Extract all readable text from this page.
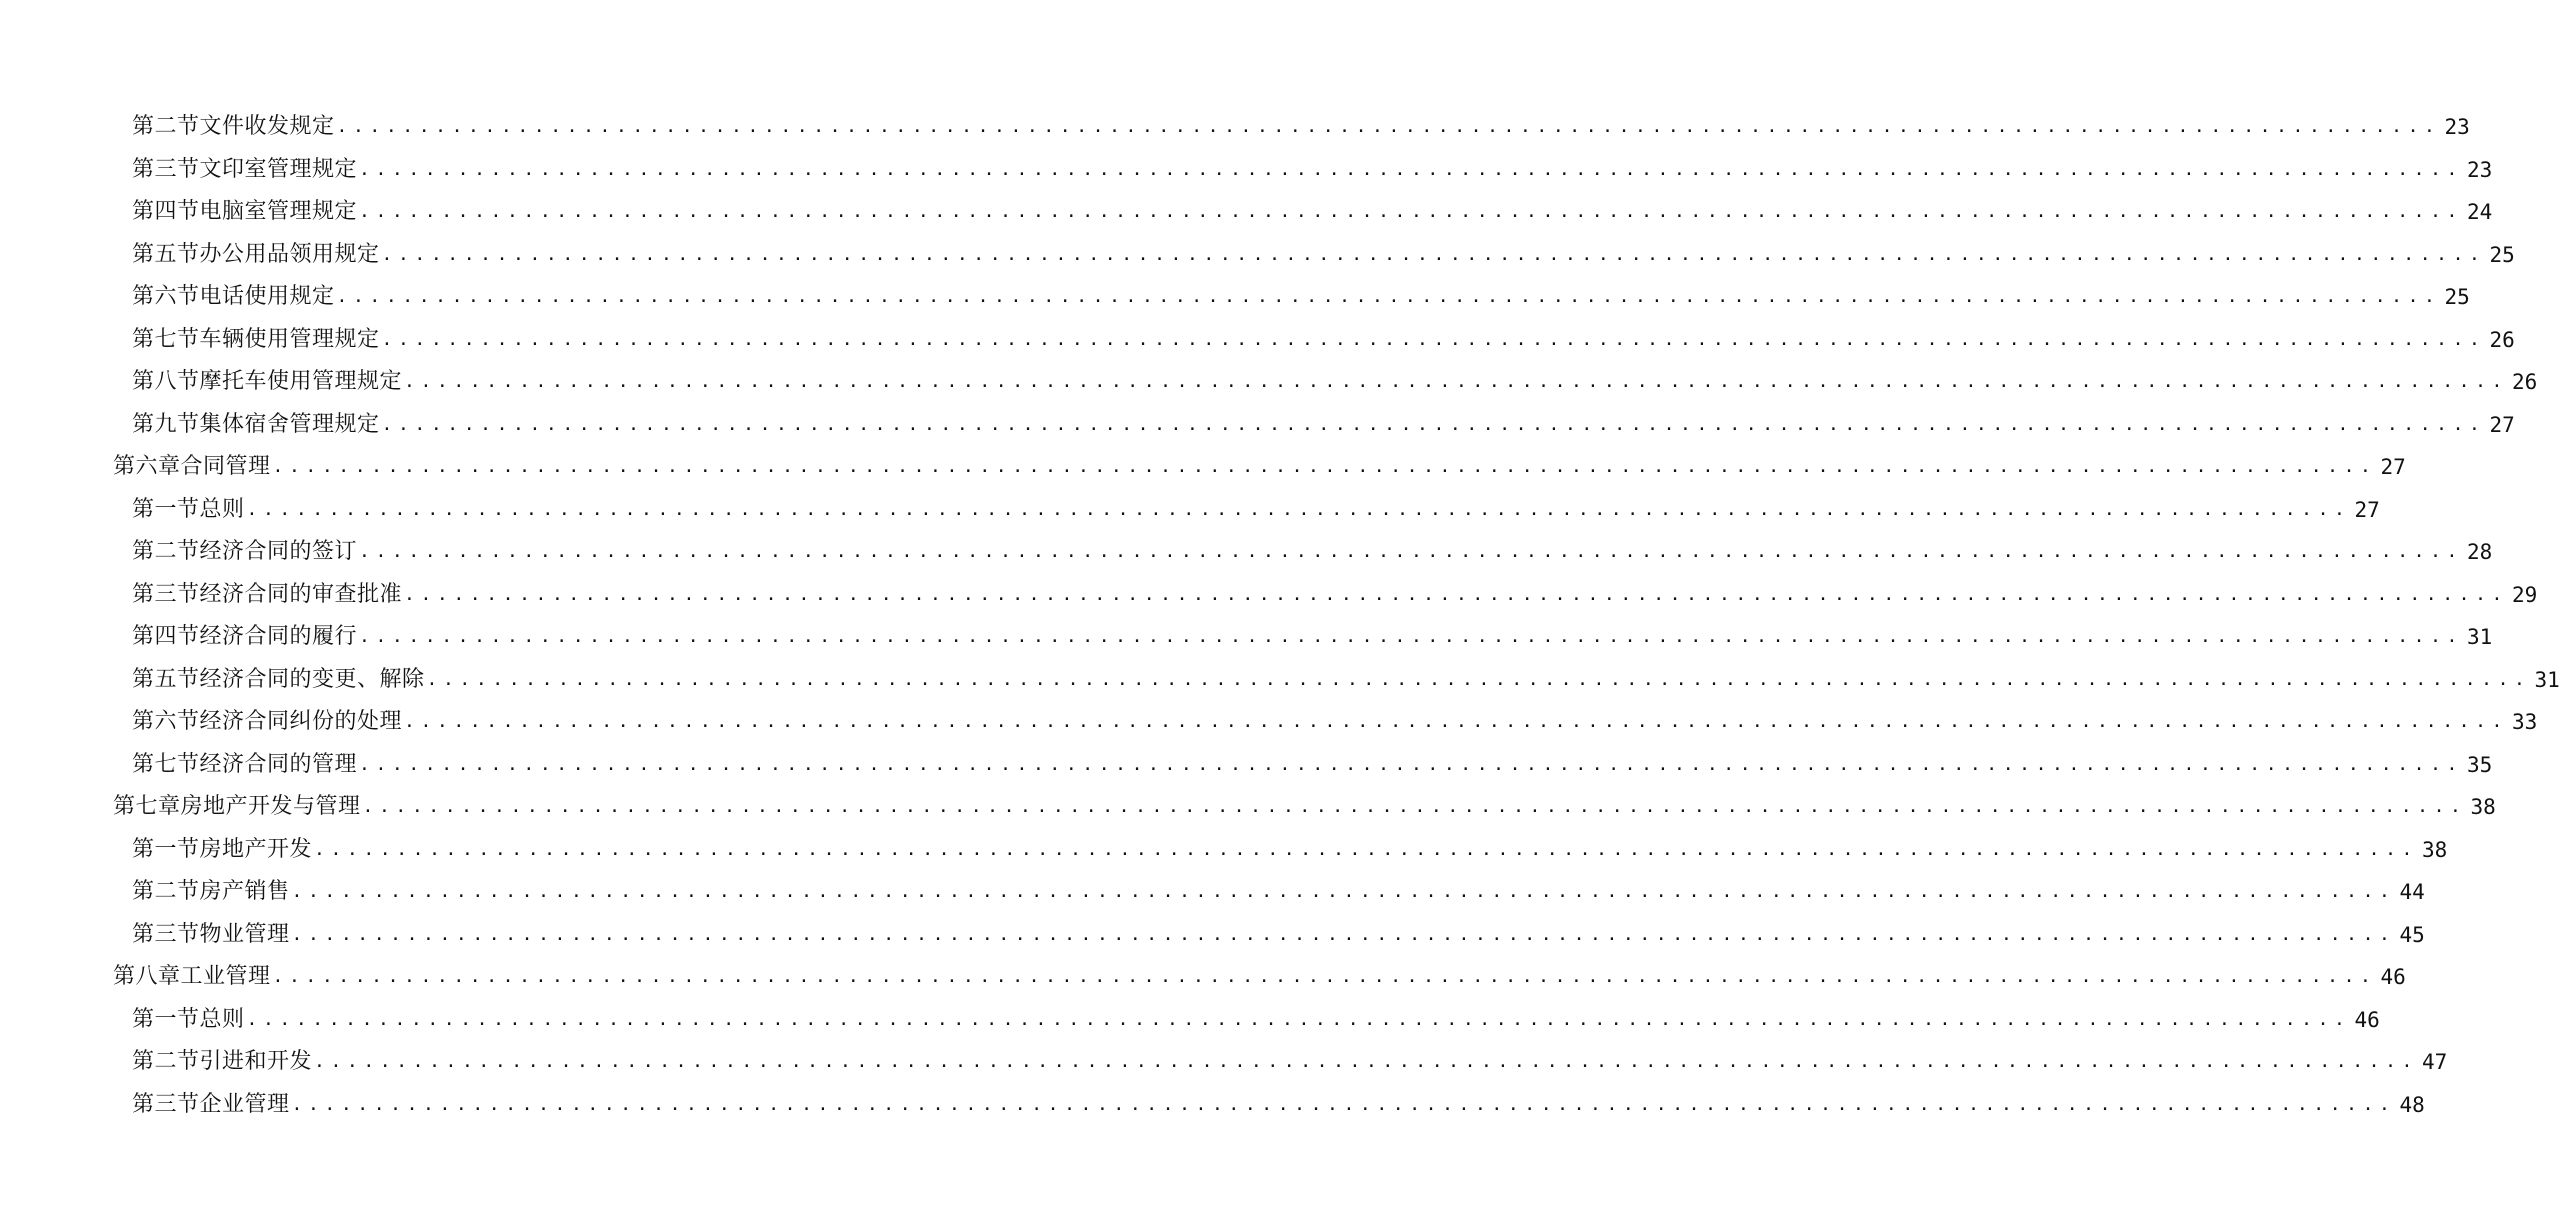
第二节 文件收发规定 ................................................................................................................................ 23
第三节 文印室管理规定 ................................................................................................................................ 23
第四节 电脑室管理规定 ................................................................................................................................ 24
第五节 办公用品领用规定 ................................................................................................................................ 25
第六节 电话使用规定 ................................................................................................................................ 25
第七节 车辆使用管理规定 ................................................................................................................................ 26
第八节 摩托车使用管理规定 ................................................................................................................................ 26
第九节 集体宿舍管理规定 ................................................................................................................................ 27
第六章 合同管理 ................................................................................................................................ 27
第一节 总则 ................................................................................................................................ 27
第二节 经济合同的签订 ................................................................................................................................ 28
第三节 经济合同的审查批准 ................................................................................................................................ 29
第四节 经济合同的履行 ................................................................................................................................ 31
第五节 经济合同的变更、解除 ................................................................................................................................ 31
第六节 经济合同纠份的处理 ................................................................................................................................ 33
第七节 经济合同的管理 ................................................................................................................................ 35
第七章 房地产开发与管理 ................................................................................................................................ 38
第一节 房地产开发 ................................................................................................................................ 38
第二节 房产销售 ................................................................................................................................ 44
第三节 物业管理 ................................................................................................................................ 45
第八章 工业管理 ................................................................................................................................ 46
第一节 总则 ................................................................................................................................ 46
第二节 引进和开发 ................................................................................................................................ 47
第三节 企业管理 ................................................................................................................................ 48
